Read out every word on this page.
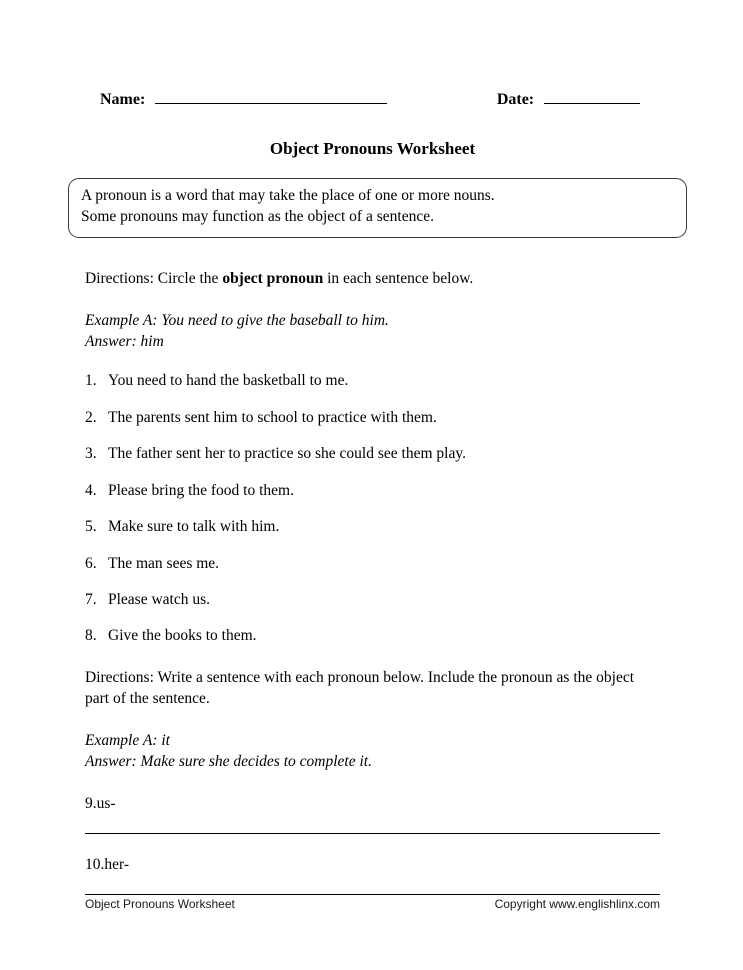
Name:	Date:
Object Pronouns Worksheet
A pronoun is a word that may take the place of one or more nouns.
Some pronouns may function as the object of a sentence.

Directions: Circle the object pronoun in each sentence below.

Example A: You need to give the baseball to him.
Answer: him
1. You need to hand the basketball to me.
2. The parents sent him to school to practice with them.
3. The father sent her to practice so she could see them play.
4. Please bring the food to them.
5. Make sure to talk with him.
6. The man sees me.
7. Please watch us.
8. Give the books to them.

Directions: Write a sentence with each pronoun below. Include the pronoun as the object part of the sentence.

Example A: it
Answer: Make sure she decides to complete it.
9.us-
10.her-
Object Pronouns Worksheet	Copyright www.englishlinx.com
